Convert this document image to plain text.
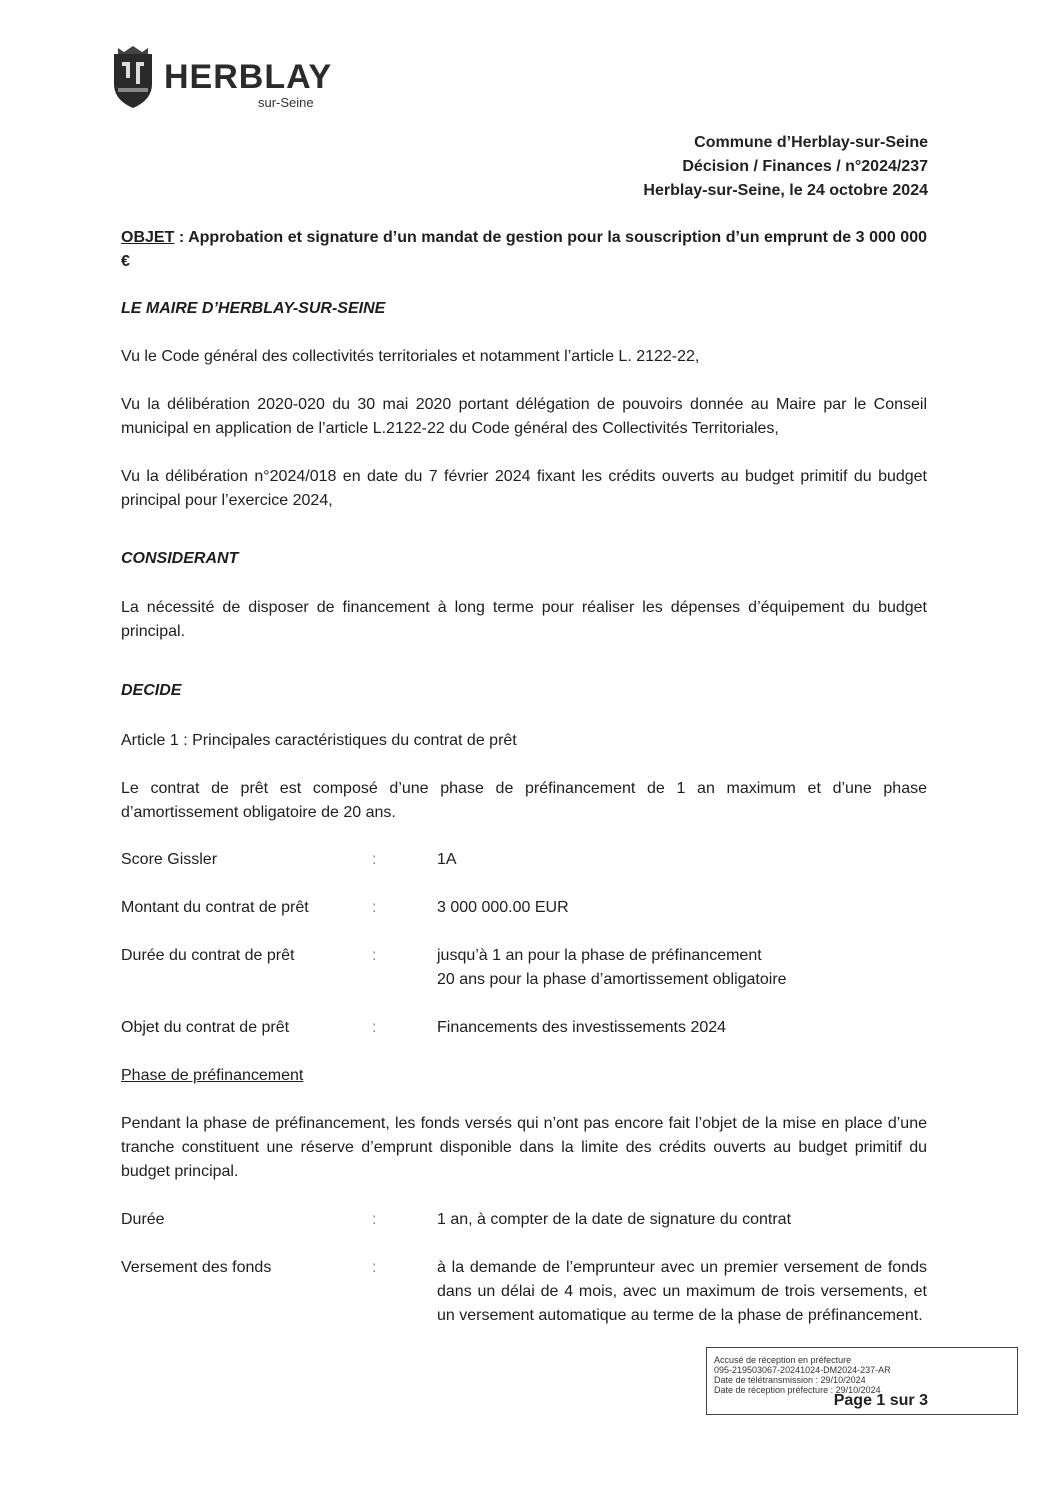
HERBLAY
sur-Seine
Commune d’Herblay-sur-Seine
Décision / Finances / n°2024/237
Herblay-sur-Seine, le 24 octobre 2024
OBJET : Approbation et signature d’un mandat de gestion pour la souscription d’un emprunt de 3 000 000 €
LE MAIRE D’HERBLAY-SUR-SEINE
Vu le Code général des collectivités territoriales et notamment l’article L. 2122-22,
Vu la délibération 2020-020 du 30 mai 2020 portant délégation de pouvoirs donnée au Maire par le Conseil municipal en application de l’article L.2122-22 du Code général des Collectivités Territoriales,
Vu la délibération n°2024/018 en date du 7 février 2024 fixant les crédits ouverts au budget primitif du budget principal pour l’exercice 2024,
CONSIDERANT
La nécessité de disposer de financement à long terme pour réaliser les dépenses d’équipement du budget principal.
DECIDE
Article 1 : Principales caractéristiques du contrat de prêt
Le contrat de prêt est composé d’une phase de préfinancement de 1 an maximum et d’une phase d’amortissement obligatoire de 20 ans.
Score Gissler	:	1A
Montant du contrat de prêt	:	3 000 000.00 EUR
Durée du contrat de prêt	:	jusqu’à 1 an pour la phase de préfinancement
20 ans pour la phase d’amortissement obligatoire
Objet du contrat de prêt	:	Financements des investissements 2024
Phase de préfinancement
Pendant la phase de préfinancement, les fonds versés qui n’ont pas encore fait l’objet de la mise en place d’une tranche constituent une réserve d’emprunt disponible dans la limite des crédits ouverts au budget primitif du budget principal.
Durée	:	1 an, à compter de la date de signature du contrat
Versement des fonds	:	à la demande de l’emprunteur avec un premier versement de fonds dans un délai de 4 mois, avec un maximum de trois versements, et un versement automatique au terme de la phase de préfinancement.
Accusé de réception en préfecture
095-219503067-20241024-DM2024-237-AR
Date de télétransmission : 29/10/2024
Date de réception préfecture : 29/10/2024
Page 1 sur 3
